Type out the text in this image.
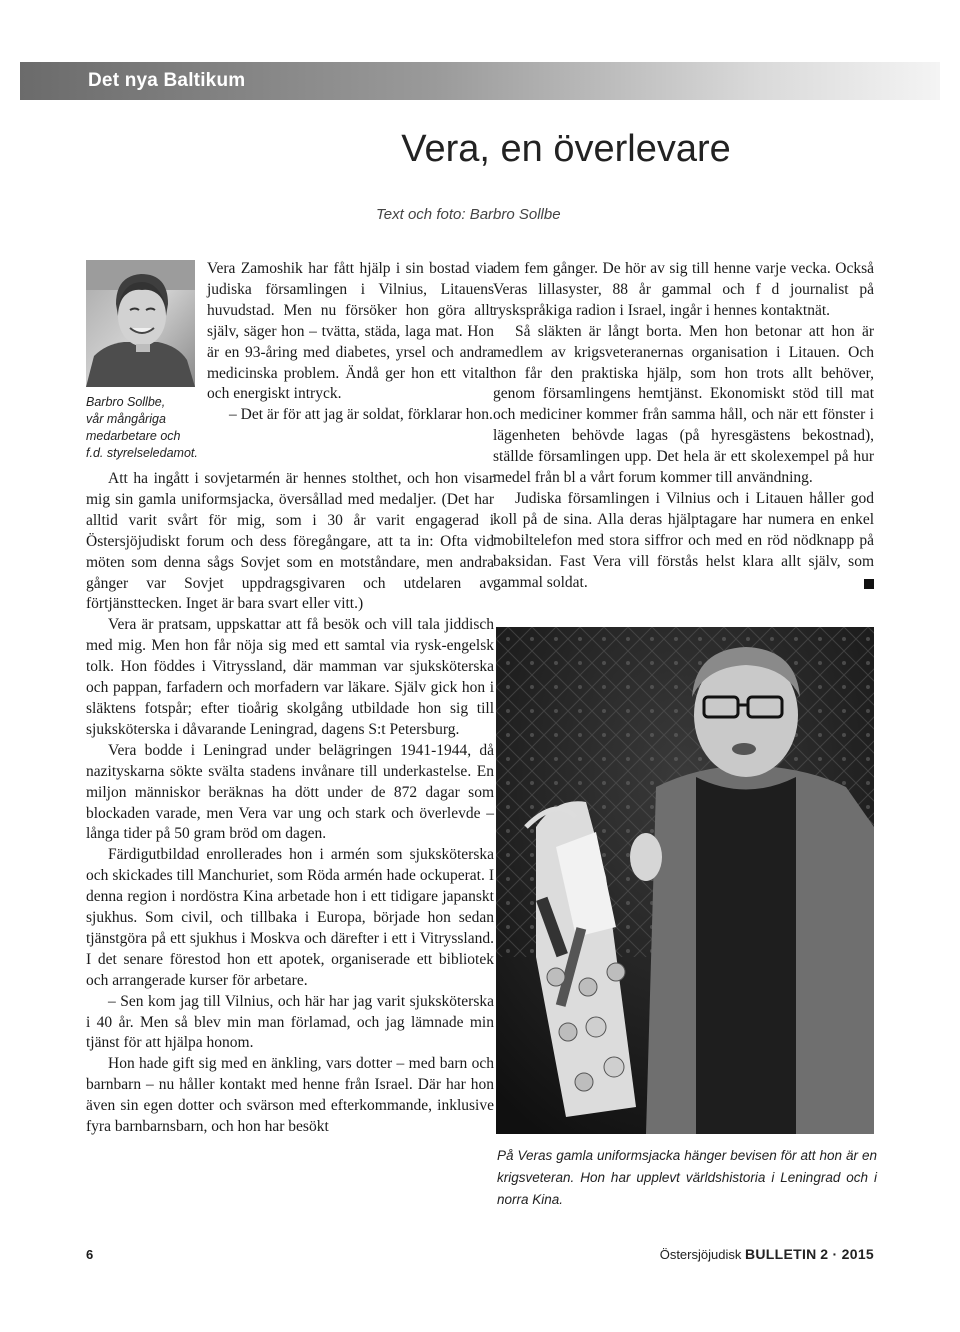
Det nya Baltikum
Vera, en överlevare
Text och foto: Barbro Sollbe
Barbro Sollbe,
vår mångåriga
medarbetare och
f.d. styrelseledamot.

Vera Zamoshik har fått hjälp i sin bostad via judiska församlingen i Vilnius, Litauens huvudstad. Men nu försöker hon göra allt själv, säger hon – tvätta, städa, laga mat. Hon är en 93-åring med diabetes, yrsel och andra medicinska problem. Ändå ger hon ett vitalt och energiskt intryck.

– Det är för att jag är soldat, förklarar hon.

Att ha ingått i sovjetarmén är hennes stolthet, och hon visar mig sin gamla uniformsjacka, översållad med medaljer. (Det har alltid varit svårt för mig, som i 30 år varit engagerad i Östersjöjudiskt forum och dess föregångare, att ta in: Ofta vid möten som denna sågs Sovjet som en motståndare, men andra gånger var Sovjet uppdragsgivaren och utdelaren av förtjänsttecken. Inget är bara svart eller vitt.)

Vera är pratsam, uppskattar att få besök och vill tala jiddisch med mig. Men hon får nöja sig med ett samtal via rysk-engelsk tolk. Hon föddes i Vitryssland, där mamman var sjuksköterska och pappan, farfadern och morfadern var läkare. Själv gick hon i släktens fotspår; efter tioårig skolgång utbildade hon sig till sjuksköterska i dåvarande Leningrad, dagens S:t Petersburg.

Vera bodde i Leningrad under belägringen 1941-1944, då nazityskarna sökte svälta stadens invånare till underkastelse. En miljon människor beräknas ha dött under de 872 dagar som blockaden varade, men Vera var ung och stark och överlevde – långa tider på 50 gram bröd om dagen.

Färdigutbildad enrollerades hon i armén som sjuksköterska och skickades till Manchuriet, som Röda armén hade ockuperat. I denna region i nordöstra Kina arbetade hon i ett tidigare japanskt sjukhus. Som civil, och tillbaka i Europa, började hon sedan tjänstgöra på ett sjukhus i Moskva och därefter i ett i Vitryssland. I det senare förestod hon ett apotek, organiserade ett bibliotek och arrangerade kurser för arbetare.

– Sen kom jag till Vilnius, och här har jag varit sjuksköterska i 40 år. Men så blev min man förlamad, och jag lämnade min tjänst för att hjälpa honom.

Hon hade gift sig med en änkling, vars dotter – med barn och barnbarn – nu håller kontakt med henne från Israel. Där har hon även sin egen dotter och svärson med efterkommande, inklusive fyra barnbarnsbarn, och hon har besökt

dem fem gånger. De hör av sig till henne varje vecka. Också Veras lillasyster, 88 år gammal och f d journalist på ryskspråkiga radion i Israel, ingår i hennes kontaktnät.

Så släkten är långt borta. Men hon betonar att hon är medlem av krigsveteranernas organisation i Litauen. Och hon får den praktiska hjälp, som hon trots allt behöver, genom församlingens hemtjänst. Ekonomiskt stöd till mat och mediciner kommer från samma håll, och när ett fönster i lägenheten behövde lagas (på hyresgästens bekostnad), ställde församlingen upp. Det hela är ett skolexempel på hur medel från bl a vårt forum kommer till användning.

Judiska församlingen i Vilnius och i Litauen håller god koll på de sina. Alla deras hjälptagare har numera en enkel mobiltelefon med stora siffror och med en röd nödknapp på baksidan. Fast Vera vill förstås helst klara allt själv, som gammal soldat.

På Veras gamla uniformsjacka hänger bevisen för att hon är en krigsveteran. Hon har upplevt världshistoria i Leningrad och i norra Kina.
6	Östersjöjudisk BULLETIN 2 · 2015
